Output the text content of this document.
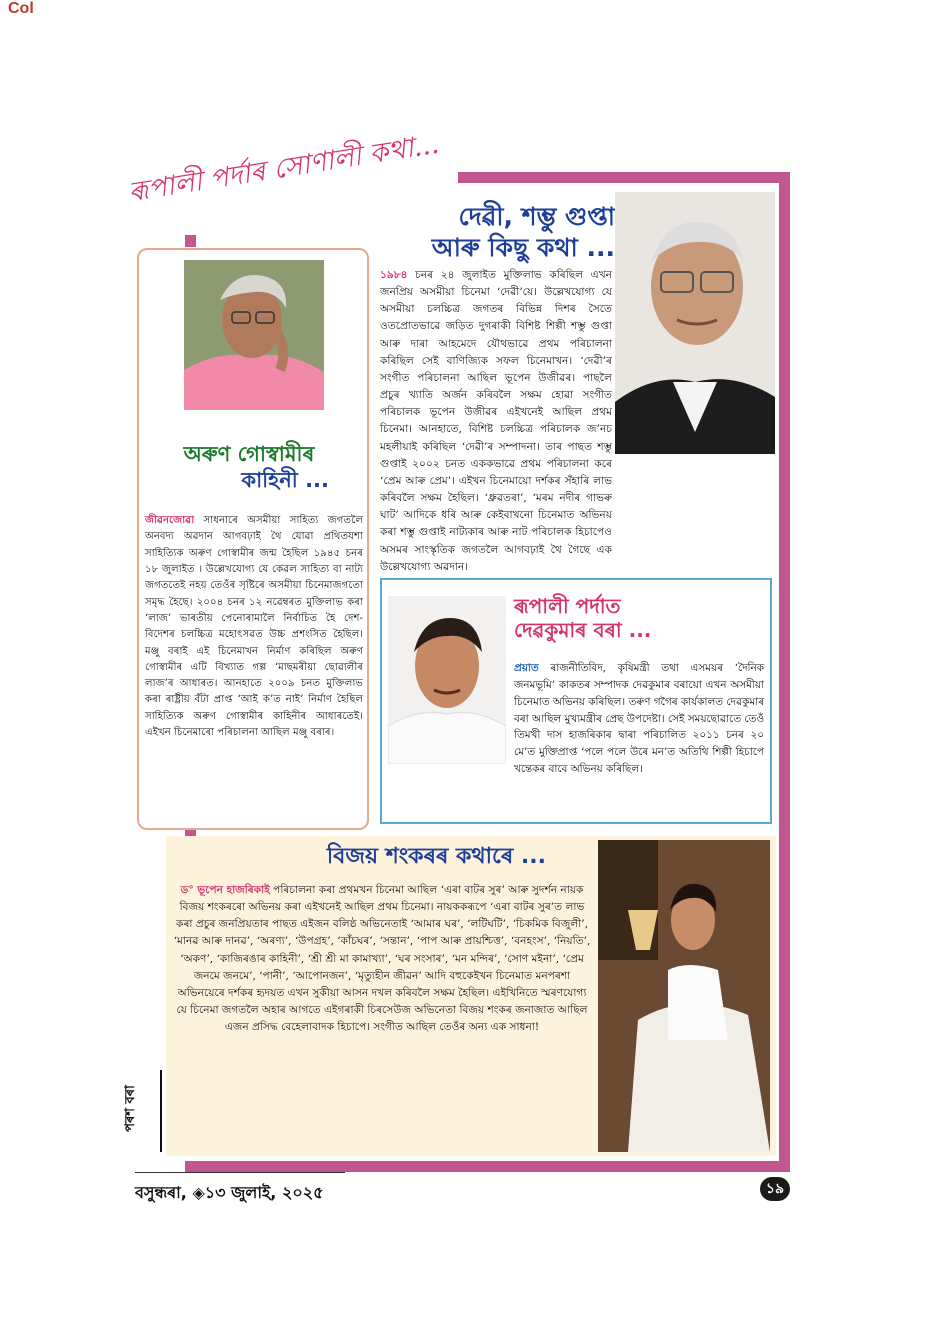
Col
ৰূপালী পৰ্দাৰ সোণালী কথা...
দেৱী, শম্ভু গুপ্তা
আৰু কিছু কথা ...
১৯৮৪ চনৰ ২৪ জুলাইত মুক্তিলাভ কৰিছিল এখন জনপ্ৰিয় অসমীয়া চিনেমা ‘দেৱী’য়ে। উল্লেখযোগ্য যে অসমীয়া চলচ্চিত্ৰ জগতৰ বিভিন্ন দিশৰ সৈতে ওতপ্ৰোতভাৱে জড়িত দুগৰাকী বিশিষ্ট শিল্পী শম্ভু গুপ্তা আৰু দাৰা আহমেদে যৌথভাৱে প্ৰথম পৰিচালনা কৰিছিল সেই বাণিজ্যিক সফল চিনেমাখন। ‘দেৱী’ৰ সংগীত পৰিচালনা আছিল ভূপেন উজীৱৰ। পাছলৈ প্ৰচুৰ খ্যাতি অৰ্জন কৰিবলৈ সক্ষম হোৱা সংগীত পৰিচালক ভূপেন উজীৱৰ এইখনেই আছিল প্ৰথম চিনেমা। আনহাতে, বিশিষ্ট চলচ্চিত্ৰ পৰিচালক জ’নচ মহলীয়াই কৰিছিল ‘দেৱী’ৰ সম্পাদনা। তাৰ পাছত শম্ভু গুপ্তাই ২০০২ চনত এককভাৱে প্ৰথম পৰিচালনা কৰে ‘প্ৰেম আৰু প্ৰেম’। এইখন চিনেমায়ো দৰ্শকৰ সঁহাৰি লাভ কৰিবলৈ সক্ষম হৈছিল। ‘ধ্ৰুৱতৰা’, ‘মৰম নদীৰ গাভৰু ঘাট’ আদিকে ধৰি আৰু কেইবাখনো চিনেমাত অভিনয় কৰা শম্ভু গুপ্তাই নাট্যকাৰ আৰু নাট পৰিচালক হিচাপেও অসমৰ সাংস্কৃতিক জগতলৈ আগবঢ়াই থৈ গৈছে এক উল্লেখযোগ্য অৱদান।
অৰুণ গোস্বামীৰ
কাহিনী ...
জীৱনজোৱা সাধনাৰে অসমীয়া সাহিত্য জগতলৈ অনবদ্য অৱদান আগবঢ়াই থৈ যোৱা প্ৰথিতযশা সাহিত্যিক অৰুণ গোস্বামীৰ জন্ম হৈছিল ১৯৪৫ চনৰ ১৮ জুলাইত । উল্লেখযোগ্য যে কেৱল সাহিত্য বা নাট্য জগততেই নহয় তেওঁৰ সৃষ্টিৰে অসমীয়া চিনেমাজগতো সমৃদ্ধ হৈছে। ২০০৪ চনৰ ১২ নৱেম্বৰত মুক্তিলাভ কৰা ‘লাজ’ ভাৰতীয় পেনোৰামালৈ নিৰ্বাচিত হৈ দেশ-বিদেশৰ চলচ্চিত্ৰ মহোৎসৱত উচ্চ প্ৰশংসিত হৈছিল। মঞ্জু বৰাই এই চিনেমাখন নিৰ্মাণ কৰিছিল অৰুণ গোস্বামীৰ এটি বিখ্যাত গল্প ‘মাছমৰীয়া ছোৱালীৰ লাজ’ৰ আধাৰত। আনহাতে ২০০৯ চনত মুক্তিলাভ কৰা ৰাষ্ট্ৰীয় বঁটা প্ৰাপ্ত ‘আই ক’ত নাই’ নিৰ্মাণ হৈছিল সাহিত্যিক অৰুণ গোস্বামীৰ কাহিনীৰ আধাৰতেই। এইখন চিনেমাৰো পৰিচালনা আছিল মঞ্জু বৰাৰ।
ৰূপালী পৰ্দাত
দেৱকুমাৰ বৰা ...
প্ৰয়াত ৰাজনীতিবিদ, কৃষিমন্ত্ৰী তথা এসময়ৰ ‘দৈনিক জনমভূমি’ কাকতৰ সম্পাদক দেৱকুমাৰ বৰায়ো এখন অসমীয়া চিনেমাত অভিনয় কৰিছিল। তৰুণ গগৈৰ কাৰ্যকালত দেৱকুমাৰ বৰা আছিল মুখ্যমন্ত্ৰীৰ প্ৰেছ উপদেষ্টা। সেই সময়ছোৱাতে তেওঁ তিমখী দাস হাজৰিকাৰ দ্বাৰা পৰিচালিত ২০১১ চনৰ ২০ মে’ত মুক্তিপ্ৰাপ্ত ‘পলে পলে উৰে মন’ত অতিথি শিল্পী হিচাপে খন্তেকৰ বাবে অভিনয় কৰিছিল।
বিজয় শংকৰৰ কথাৰে ...
ড° ভূপেন হাজৰিকাই পৰিচালনা কৰা প্ৰথমখন চিনেমা আছিল ‘এৰা বাটৰ সুৰ’ আৰু সুদৰ্শন নায়ক বিজয় শংকৰৰো অভিনয় কৰা এইখনেই আছিল প্ৰথম চিনেমা। নায়ককৰূপে ‘এৰা বাটৰ সুৰ’ত লাভ কৰা প্ৰচুৰ জনপ্ৰিয়তাৰ পাছত এইজন বলিষ্ঠ অভিনেতাই ‘আমাৰ ঘৰ’, ‘লটিঘটি’, ‘চিকমিক বিজুলী’, ‘মানৱ আৰু দানৱ’, ‘অৰণ্য’, ‘উপগ্ৰহ’, ‘কাঁচঘৰ’, ‘সন্তান’, ‘পাপ আৰু প্ৰায়শ্চিত্ত’, ‘বনহংস’, ‘নিয়তি’, ‘অকণ’, ‘কাজিৰঙাৰ কাহিনী’, ‘শ্ৰী শ্ৰী মা কামাখ্যা’, ‘ঘৰ সংসাৰ’, ‘মন মন্দিৰ’, ‘সোণ মইনা’, ‘প্ৰেম জনমে জনমে’, ‘পানী’, ‘আপোনজন’, ‘মৃত্যুহীন জীৱন’ আদি বহুকেইখন চিনেমাত মনপৰশা অভিনয়েৰে দৰ্শকৰ হৃদয়ত এখন সুকীয়া আসন দখল কৰিবলৈ সক্ষম হৈছিল। এইখিনিতে স্মৰণযোগ্য যে চিনেমা জগতলৈ অহাৰ আগতে এইগৰাকী চিৰসেউজ অভিনেতা বিজয় শংকৰ জনাজাত আছিল এজন প্ৰসিদ্ধ বেহেলাবাদক হিচাপে। সংগীত আছিল তেওঁৰ অন্য এক সাধনা!
পৰশ বৰা
বসুন্ধৰা, ◈১৩ জুলাই, ২০২৫	১৯
